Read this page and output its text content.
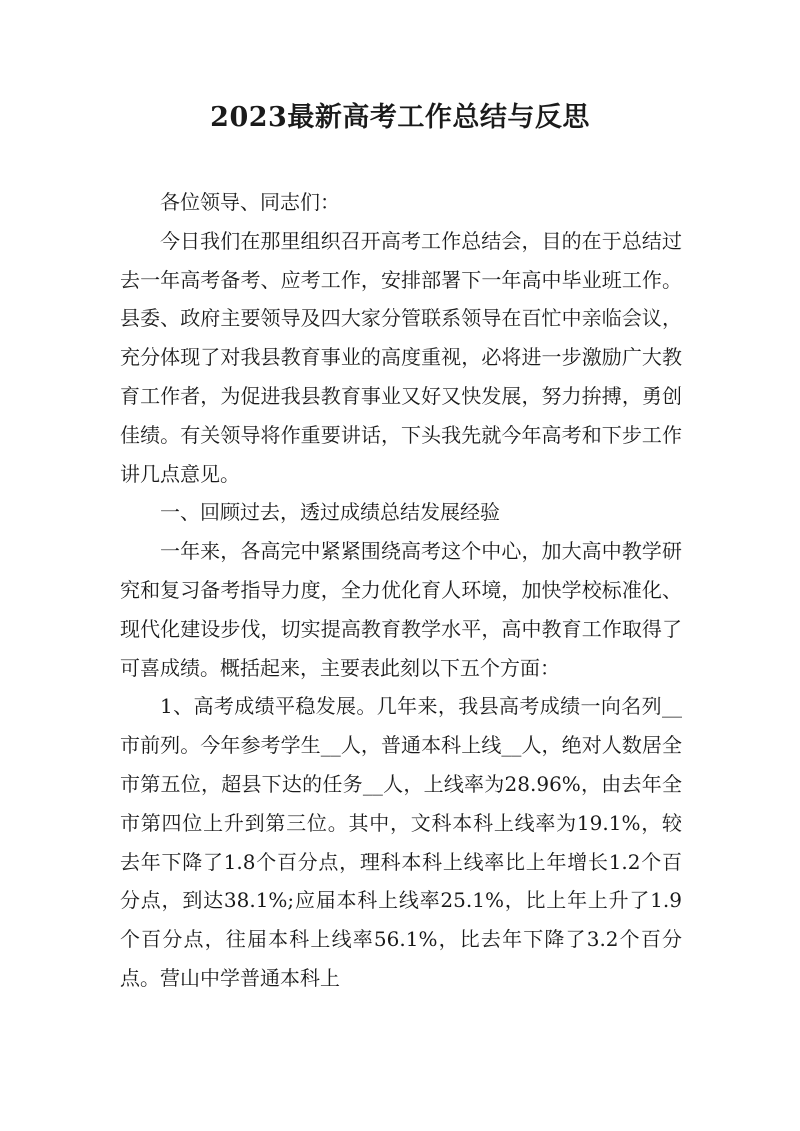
2023最新高考工作总结与反思

各位领导、同志们：

今日我们在那里组织召开高考工作总结会，目的在于总结过去一年高考备考、应考工作，安排部署下一年高中毕业班工作。县委、政府主要领导及四大家分管联系领导在百忙中亲临会议，充分体现了对我县教育事业的高度重视，必将进一步激励广大教育工作者，为促进我县教育事业又好又快发展，努力拚搏，勇创佳绩。有关领导将作重要讲话，下头我先就今年高考和下步工作讲几点意见。

一、回顾过去，透过成绩总结发展经验

一年来，各高完中紧紧围绕高考这个中心，加大高中教学研究和复习备考指导力度，全力优化育人环境，加快学校标准化、现代化建设步伐，切实提高教育教学水平，高中教育工作取得了可喜成绩。概括起来，主要表此刻以下五个方面：

1、高考成绩平稳发展。几年来，我县高考成绩一向名列__市前列。今年参考学生__人，普通本科上线__人，绝对人数居全市第五位，超县下达的任务__人，上线率为28.96%，由去年全市第四位上升到第三位。其中，文科本科上线率为19.1%，较去年下降了1.8个百分点，理科本科上线率比上年增长1.2个百分点，到达38.1%;应届本科上线率25.1%，比上年上升了1.9个百分点，往届本科上线率56.1%，比去年下降了3.2个百分点。营山中学普通本科上
